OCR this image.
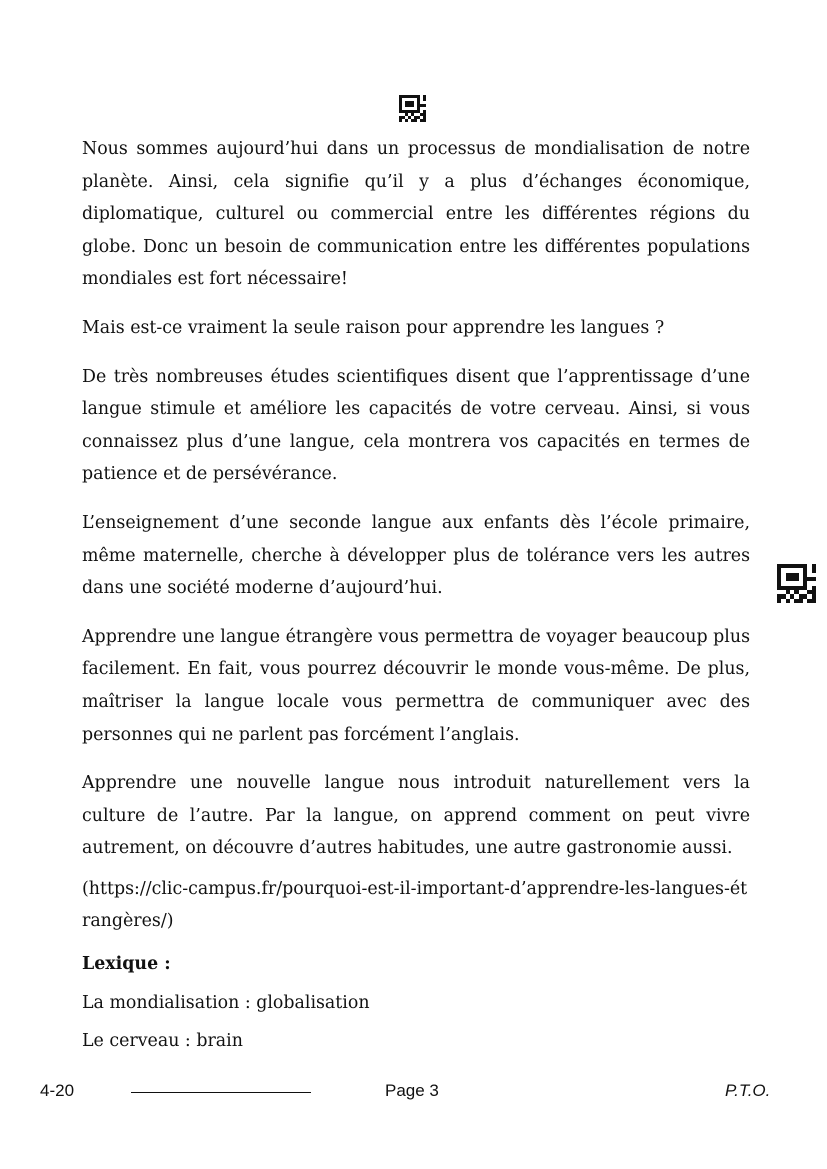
Nous sommes aujourd’hui dans un processus de mondialisation de notre planète. Ainsi, cela signifie qu’il y a plus d’échanges économique, diplomatique, culturel ou commercial entre les différentes régions du globe. Donc un besoin de communication entre les différentes populations mondiales est fort nécessaire!

Mais est-ce vraiment la seule raison pour apprendre les langues ?

De très nombreuses études scientifiques disent que l’apprentissage d’une langue stimule et améliore les capacités de votre cerveau. Ainsi, si vous connaissez plus d’une langue, cela montrera vos capacités en termes de patience et de persévérance.

L’enseignement d’une seconde langue aux enfants dès l’école primaire, même maternelle, cherche à développer plus de tolérance vers les autres dans une société moderne d’aujourd’hui.

Apprendre une langue étrangère vous permettra de voyager beaucoup plus facilement. En fait, vous pourrez découvrir le monde vous-même. De plus, maîtriser la langue locale vous permettra de communiquer avec des personnes qui ne parlent pas forcément l’anglais.

Apprendre une nouvelle langue nous introduit naturellement vers la culture de l’autre. Par la langue, on apprend comment on peut vivre autrement, on découvre d’autres habitudes, une autre gastronomie aussi.

(https://clic-campus.fr/pourquoi-est-il-important-d’apprendre-les-langues-étrangères/)

Lexique :

La mondialisation : globalisation

Le cerveau : brain

4-20	Page 3	P.T.O.
